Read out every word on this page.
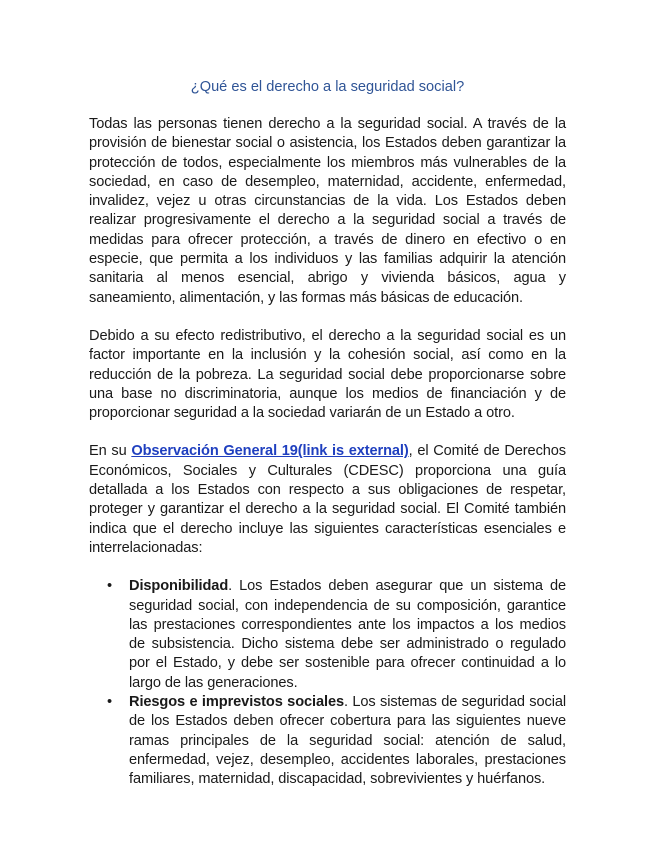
¿Qué es el derecho a la seguridad social?

Todas las personas tienen derecho a la seguridad social. A través de la provisión de bienestar social o asistencia, los Estados deben garantizar la protección de todos, especialmente los miembros más vulnerables de la sociedad, en caso de desempleo, maternidad, accidente, enfermedad, invalidez, vejez u otras circunstancias de la vida. Los Estados deben realizar progresivamente el derecho a la seguridad social a través de medidas para ofrecer protección, a través de dinero en efectivo o en especie, que permita a los individuos y las familias adquirir la atención sanitaria al menos esencial, abrigo y vivienda básicos, agua y saneamiento, alimentación, y las formas más básicas de educación.

Debido a su efecto redistributivo, el derecho a la seguridad social es un factor importante en la inclusión y la cohesión social, así como en la reducción de la pobreza. La seguridad social debe proporcionarse sobre una base no discriminatoria, aunque los medios de financiación y de proporcionar seguridad a la sociedad variarán de un Estado a otro.

En su Observación General 19(link is external), el Comité de Derechos Económicos, Sociales y Culturales (CDESC) proporciona una guía detallada a los Estados con respecto a sus obligaciones de respetar, proteger y garantizar el derecho a la seguridad social. El Comité también indica que el derecho incluye las siguientes características esenciales e interrelacionadas:

• Disponibilidad. Los Estados deben asegurar que un sistema de seguridad social, con independencia de su composición, garantice las prestaciones correspondientes ante los impactos a los medios de subsistencia. Dicho sistema debe ser administrado o regulado por el Estado, y debe ser sostenible para ofrecer continuidad a lo largo de las generaciones.
• Riesgos e imprevistos sociales. Los sistemas de seguridad social de los Estados deben ofrecer cobertura para las siguientes nueve ramas principales de la seguridad social: atención de salud, enfermedad, vejez, desempleo, accidentes laborales, prestaciones familiares, maternidad, discapacidad, sobrevivientes y huérfanos.
